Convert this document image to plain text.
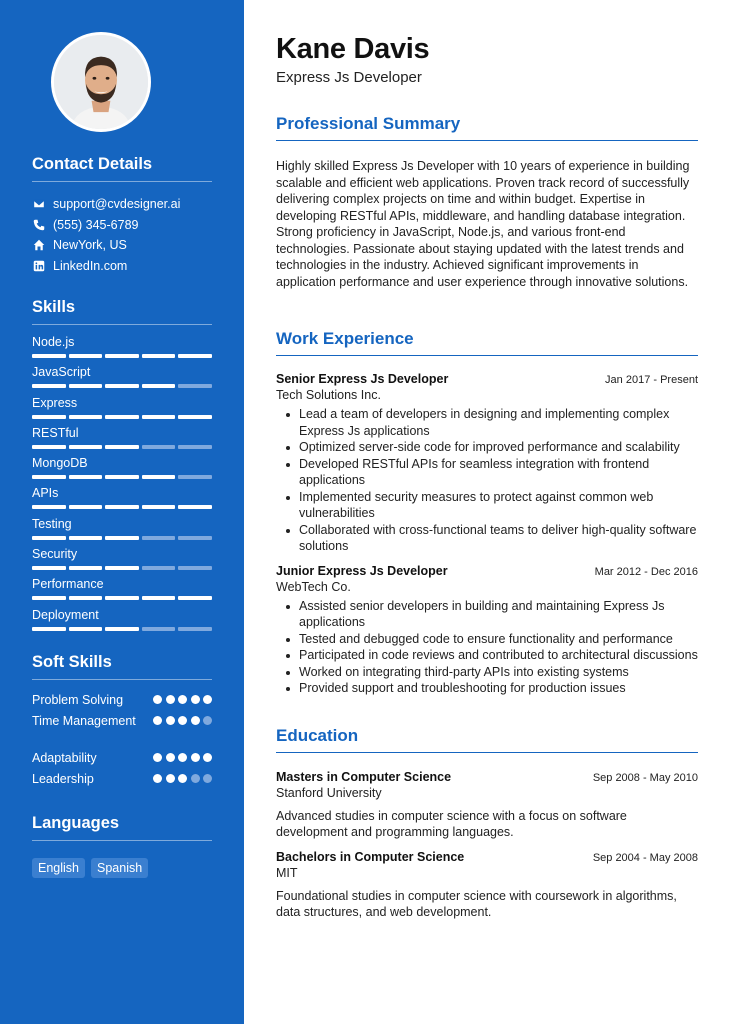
Contact Details
support@cvdesigner.ai
(555) 345-6789
NewYork, US
LinkedIn.com
Skills
Node.js
JavaScript
Express
RESTful
MongoDB
APIs
Testing
Security
Performance
Deployment
Soft Skills
Problem Solving
Time Management
Adaptability
Leadership
Languages
English	Spanish
Kane Davis
Express Js Developer
Professional Summary

Highly skilled Express Js Developer with 10 years of experience in building scalable and efficient web applications. Proven track record of successfully delivering complex projects on time and within budget. Expertise in developing RESTful APIs, middleware, and handling database integration. Strong proficiency in JavaScript, Node.js, and various front-end technologies. Passionate about staying updated with the latest trends and technologies in the industry. Achieved significant improvements in application performance and user experience through innovative solutions.

Work Experience
Senior Express Js Developer	Jan 2017 - Present
Tech Solutions Inc.
Lead a team of developers in designing and implementing complex Express Js applications
Optimized server-side code for improved performance and scalability
Developed RESTful APIs for seamless integration with frontend applications
Implemented security measures to protect against common web vulnerabilities
Collaborated with cross-functional teams to deliver high-quality software solutions
Junior Express Js Developer	Mar 2012 - Dec 2016
WebTech Co.
Assisted senior developers in building and maintaining Express Js applications
Tested and debugged code to ensure functionality and performance
Participated in code reviews and contributed to architectural discussions
Worked on integrating third-party APIs into existing systems
Provided support and troubleshooting for production issues
Education
Masters in Computer Science	Sep 2008 - May 2010
Stanford University
Advanced studies in computer science with a focus on software development and programming languages.
Bachelors in Computer Science	Sep 2004 - May 2008
MIT
Foundational studies in computer science with coursework in algorithms, data structures, and web development.
